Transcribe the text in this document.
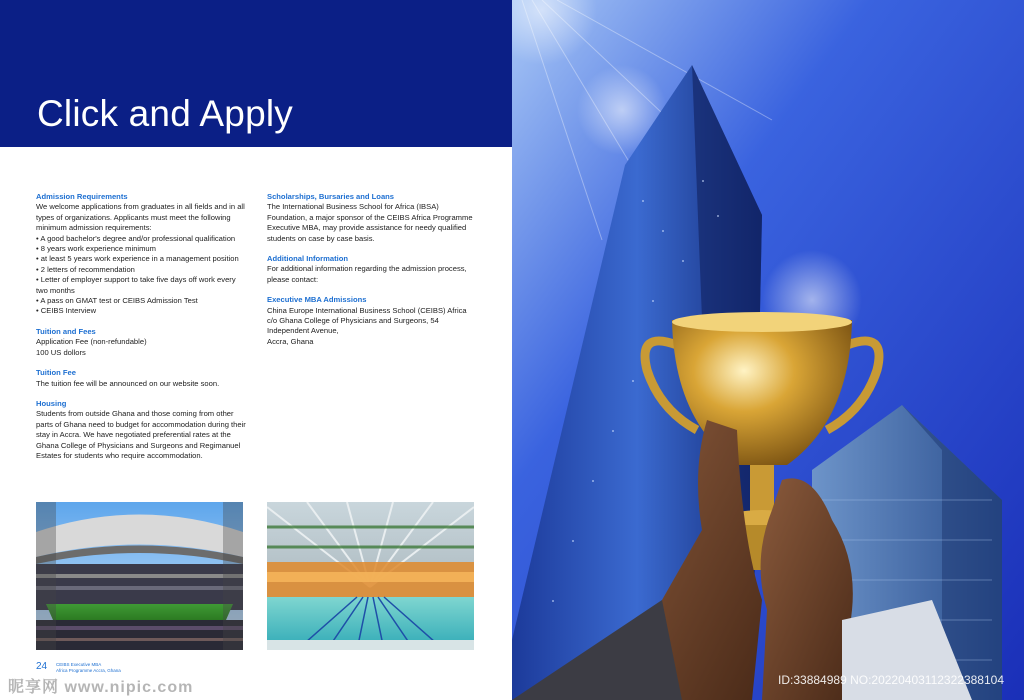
Click and Apply
Admission Requirements
We welcome applications from graduates in all fields and in all types of organizations. Applicants must meet the following minimum admission requirements:
• A good bachelor's degree and/or professional qualification
• 8 years work experience minimum
• at least 5 years work experience in a management position
• 2 letters of recommendation
• Letter of employer support to take five days off work every two months
• A pass on GMAT test or CEIBS Admission Test
• CEIBS Interview
Tuition and Fees
Application Fee (non-refundable)
100 US dollors
Tuition Fee
The tuition fee will be announced on our website soon.
Housing
Students from outside Ghana and those coming from other parts of Ghana need to budget for accommodation during their stay in Accra. We have negotiated preferential rates at the Ghana College of Physicians and Surgeons and Regimanuel Estates for students who require accommodation.
Scholarships, Bursaries and Loans
The International Business School for Africa (IBSA) Foundation, a major sponsor of the CEIBS Africa Programme Executive MBA, may provide assistance for needy qualified students on case by case basis.
Additional Information
For additional information regarding the admission process, please contact:
Executive MBA Admissions
China Europe International Business School (CEIBS) Africa
c/o Ghana College of Physicians and Surgeons, 54 Independent Avenue,
Accra, Ghana
24 CEIBS Executive MBA
Africa Programme Accra, Ghana
昵享网 www.nipic.com	ID:33884989 NO:20220403112322388104
